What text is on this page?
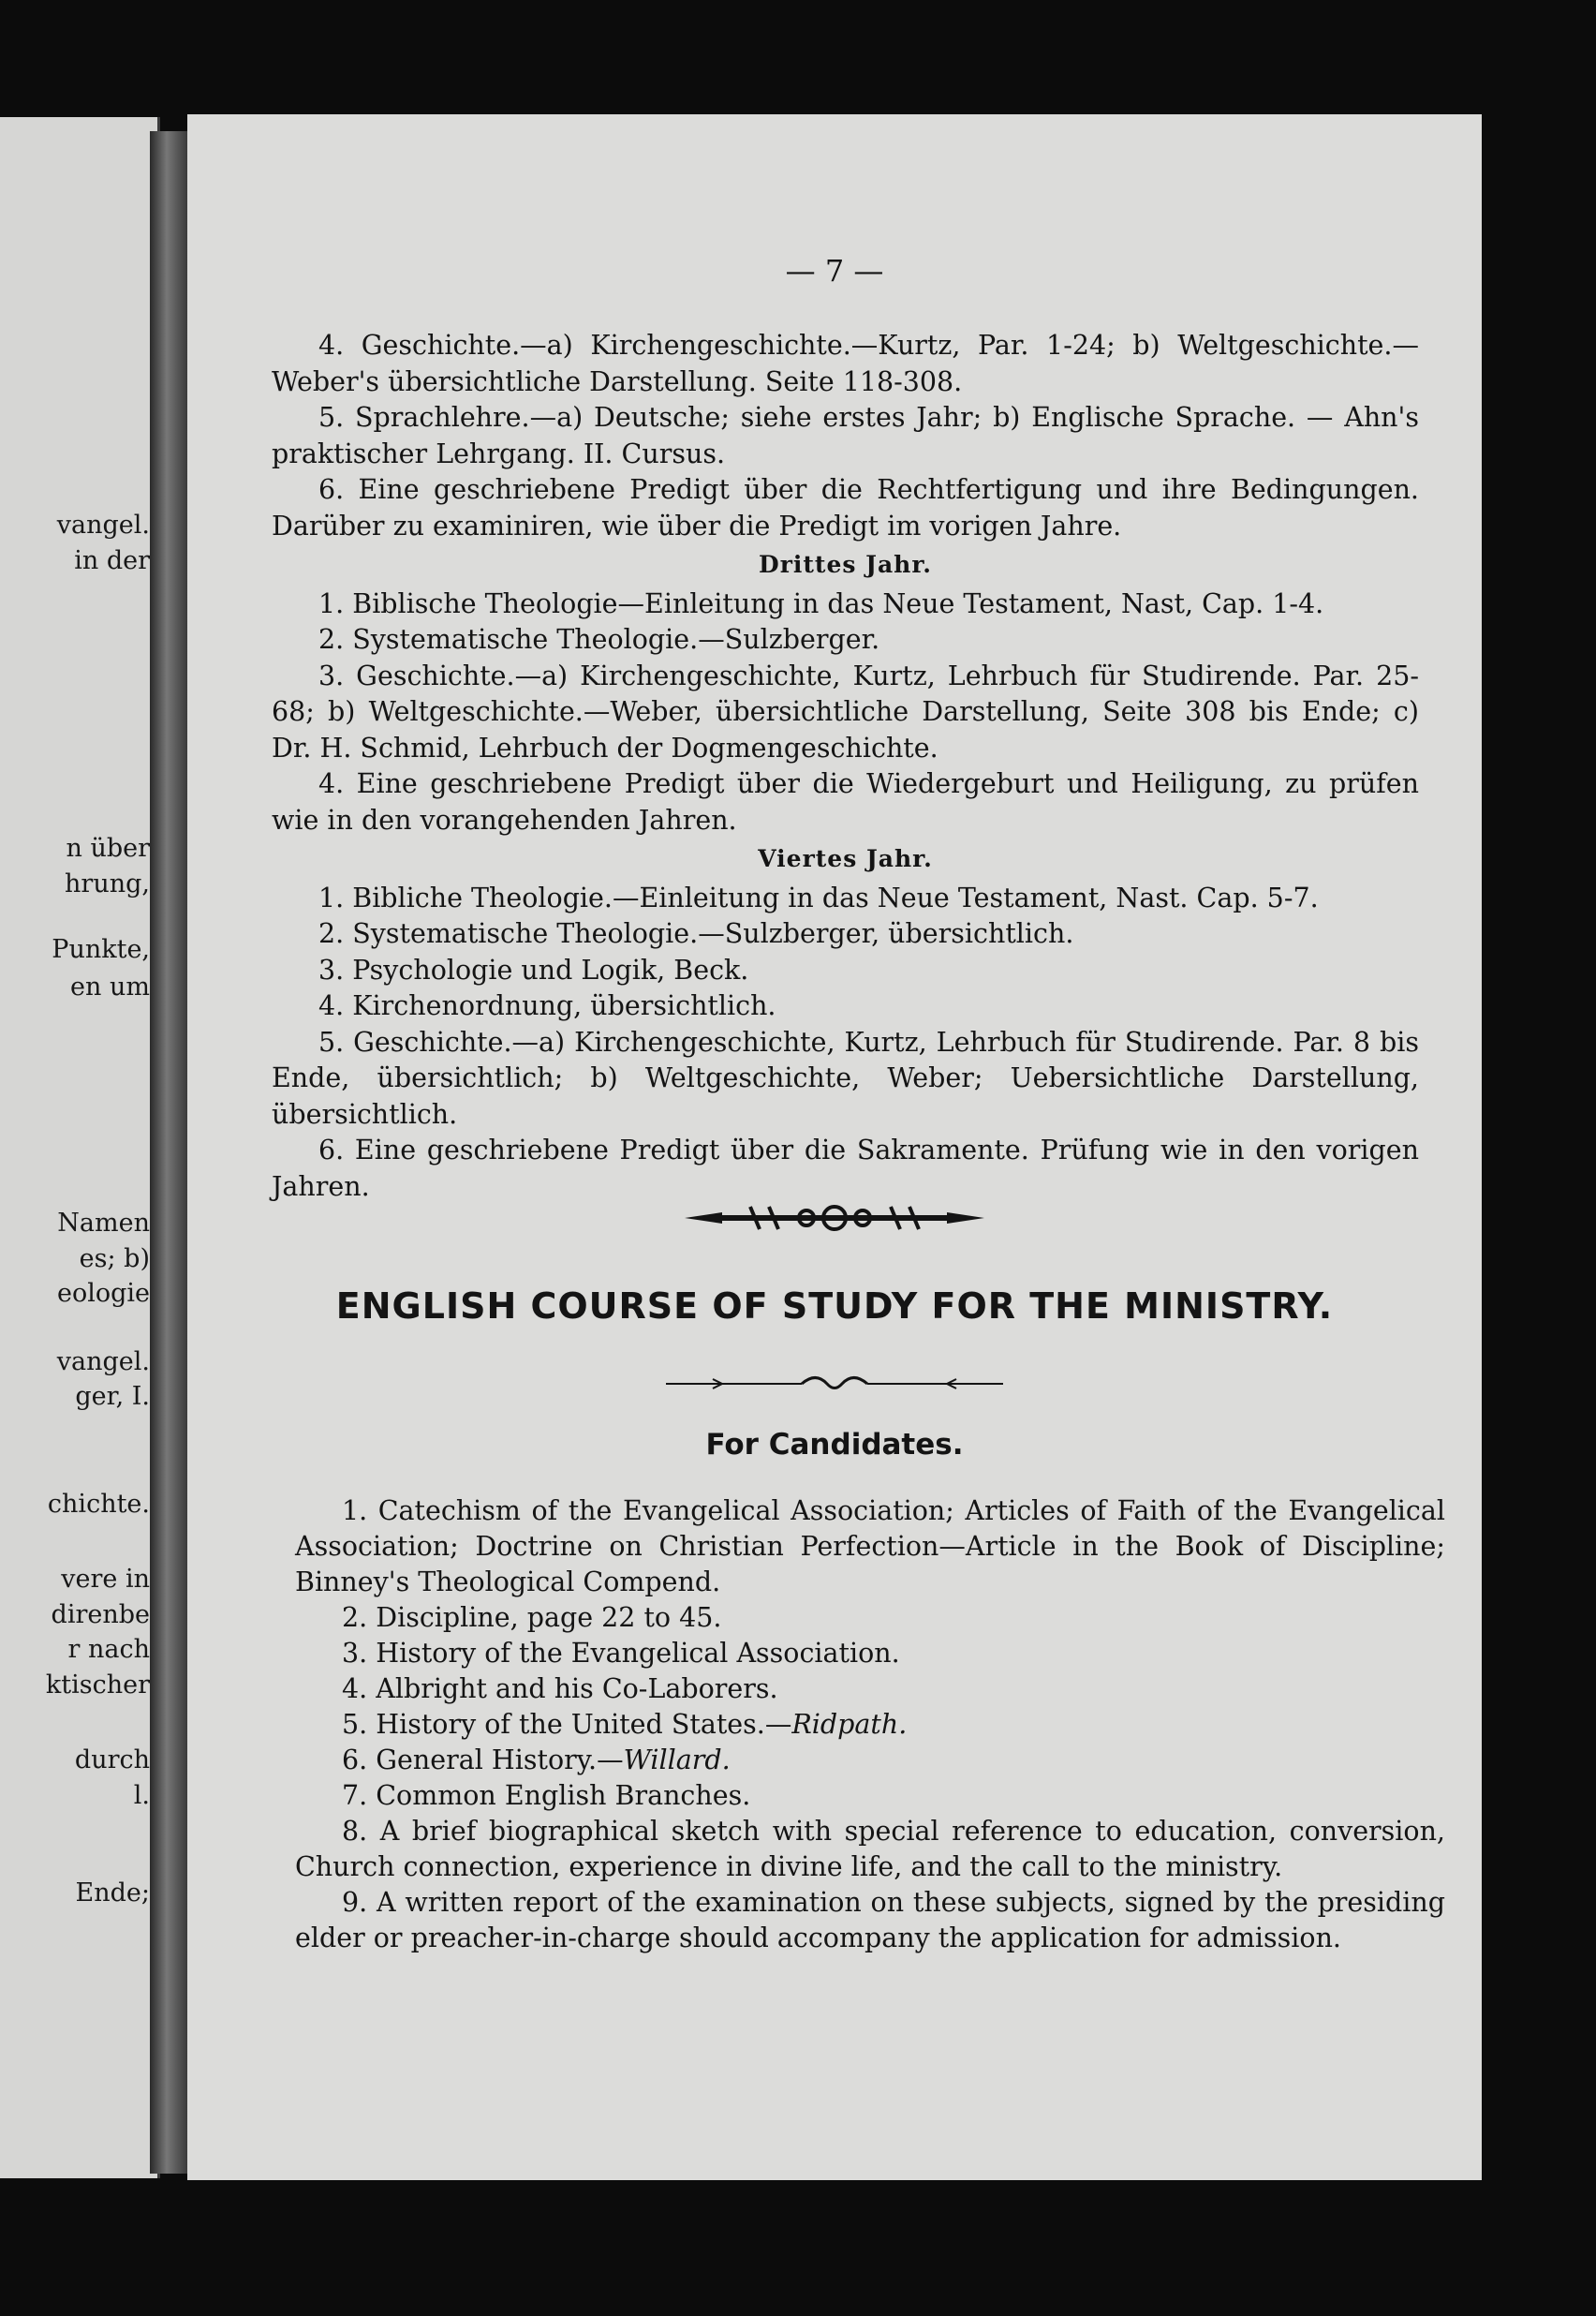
vangel.
in der
n über
hrung,
Punkte,
en um
Namen
es; b)
eologie
vangel.
ger, I.
chichte.
vere in
direnbe
r nach
ktischer
durch
l.
Ende;
— 7 —

4. Geschichte.—a) Kirchengeschichte.—Kurtz, Par. 1-24; b) Weltgeschichte.—Weber's übersichtliche Darstellung. Seite 118-308.

5. Sprachlehre.—a) Deutsche; siehe erstes Jahr; b) Englische Sprache. — Ahn's praktischer Lehrgang. II. Cursus.

6. Eine geschriebene Predigt über die Rechtfertigung und ihre Bedingungen. Darüber zu examiniren, wie über die Predigt im vorigen Jahre.

Drittes Jahr.

1. Biblische Theologie—Einleitung in das Neue Testament, Nast, Cap. 1-4.

2. Systematische Theologie.—Sulzberger.

3. Geschichte.—a) Kirchengeschichte, Kurtz, Lehrbuch für Studirende. Par. 25-68; b) Weltgeschichte.—Weber, übersichtliche Darstellung, Seite 308 bis Ende; c) Dr. H. Schmid, Lehrbuch der Dogmengeschichte.

4. Eine geschriebene Predigt über die Wiedergeburt und Heiligung, zu prüfen wie in den vorangehenden Jahren.

Viertes Jahr.

1. Bibliche Theologie.—Einleitung in das Neue Testament, Nast. Cap. 5-7.

2. Systematische Theologie.—Sulzberger, übersichtlich.

3. Psychologie und Logik, Beck.

4. Kirchenordnung, übersichtlich.

5. Geschichte.—a) Kirchengeschichte, Kurtz, Lehrbuch für Studirende. Par. 8 bis Ende, übersichtlich; b) Weltgeschichte, Weber; Uebersichtliche Darstellung, übersichtlich.

6. Eine geschriebene Predigt über die Sakramente. Prüfung wie in den vorigen Jahren.

ENGLISH COURSE OF STUDY FOR THE MINISTRY.
For Candidates.

1. Catechism of the Evangelical Association; Articles of Faith of the Evangelical Association; Doctrine on Christian Perfection—Article in the Book of Discipline; Binney's Theological Compend.

2. Discipline, page 22 to 45.

3. History of the Evangelical Association.

4. Albright and his Co-Laborers.

5. History of the United States.—Ridpath.

6. General History.—Willard.

7. Common English Branches.

8. A brief biographical sketch with special reference to education, conversion, Church connection, experience in divine life, and the call to the ministry.

9. A written report of the examination on these subjects, signed by the presiding elder or preacher-in-charge should accompany the application for admission.
